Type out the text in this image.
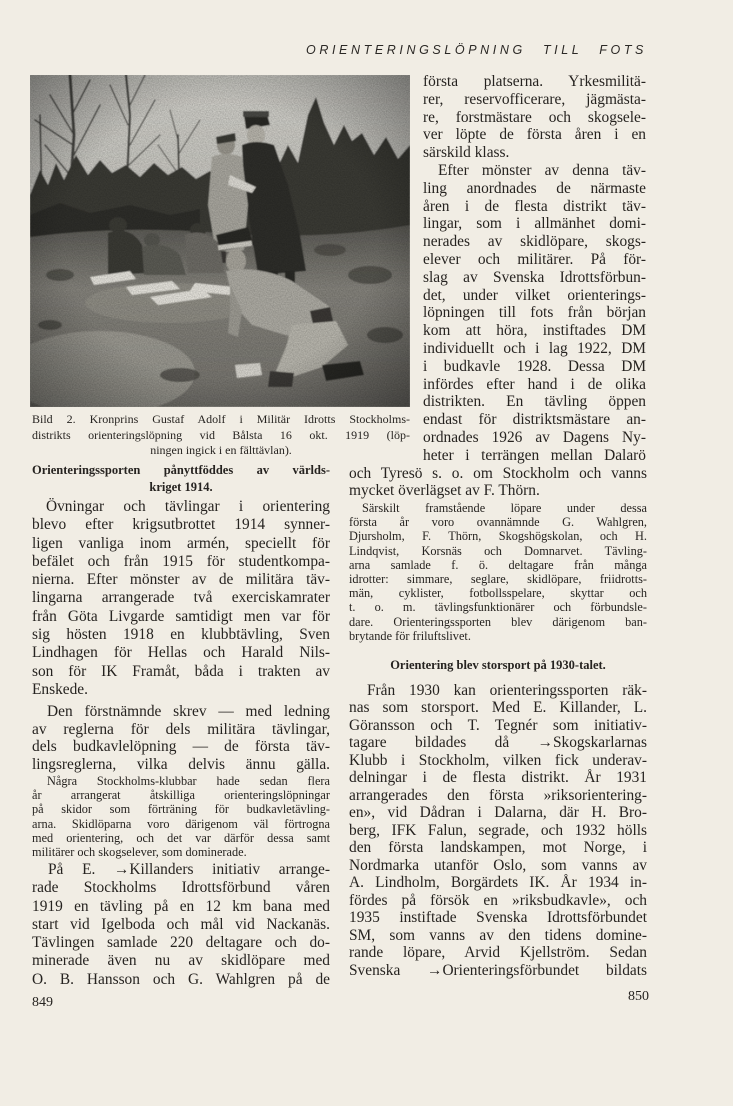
ORIENTERINGSLÖPNING TILL FOTS
Bild 2. Kronprins Gustaf Adolf i Militär Idrotts Stockholms-
distrikts orienteringslöpning vid Bålsta 16 okt. 1919 (löp-
ningen ingick i en fälttävlan).
Orienteringssporten pånyttföddes av världs-
kriget 1914.
Övningar och tävlingar i orientering
blevo efter krigsutbrottet 1914 synner-
ligen vanliga inom armén, speciellt för
befälet och från 1915 för studentkompa-
nierna. Efter mönster av de militära täv-
lingarna arrangerade två exerciskamrater
från Göta Livgarde samtidigt men var för
sig hösten 1918 en klubbtävling, Sven
Lindhagen för Hellas och Harald Nils-
son för IK Framåt, båda i trakten av
Enskede.
Den förstnämnde skrev — med ledning
av reglerna för dels militära tävlingar,
dels budkavlelöpning — de första täv-
lingsreglerna, vilka delvis ännu gälla.
Några Stockholms-klubbar hade sedan flera
år arrangerat åtskilliga orienteringslöpningar
på skidor som förträning för budkavletävling-
arna. Skidlöparna voro därigenom väl förtrogna
med orientering, och det var därför dessa samt
militärer och skogselever, som dominerade.
På E. →Killanders initiativ arrange-
rade Stockholms Idrottsförbund våren
1919 en tävling på en 12 km bana med
start vid Igelboda och mål vid Nackanäs.
Tävlingen samlade 220 deltagare och do-
minerade även nu av skidlöpare med
O. B. Hansson och G. Wahlgren på de
849
första platserna. Yrkesmilitä-
rer, reservofficerare, jägmästa-
re, forstmästare och skogsele-
ver löpte de första åren i en
särskild klass.
Efter mönster av denna täv-
ling anordnades de närmaste
åren i de flesta distrikt täv-
lingar, som i allmänhet domi-
nerades av skidlöpare, skogs-
elever och militärer. På för-
slag av Svenska Idrottsförbun-
det, under vilket orienterings-
löpningen till fots från början
kom att höra, instiftades DM
individuellt och i lag 1922, DM
i budkavle 1928. Dessa DM
infördes efter hand i de olika
distrikten. En tävling öppen
endast för distriktsmästare an-
ordnades 1926 av Dagens Ny-
heter i terrängen mellan Dalarö
och Tyresö s. o. om Stockholm och vanns
mycket överlägset av F. Thörn.
Särskilt framstående löpare under dessa
första år voro ovannämnde G. Wahlgren,
Djursholm, F. Thörn, Skogshögskolan, och H.
Lindqvist, Korsnäs och Domnarvet. Tävling-
arna samlade f. ö. deltagare från många
idrotter: simmare, seglare, skidlöpare, friidrotts-
män, cyklister, fotbollsspelare, skyttar och
t. o. m. tävlingsfunktionärer och förbundsle-
dare. Orienteringssporten blev därigenom ban-
brytande för friluftslivet.
Orientering blev storsport på 1930-talet.
Från 1930 kan orienteringssporten räk-
nas som storsport. Med E. Killander, L.
Göransson och T. Tegnér som initiativ-
tagare bildades då →Skogskarlarnas
Klubb i Stockholm, vilken fick underav-
delningar i de flesta distrikt. År 1931
arrangerades den första »riksorientering-
en», vid Dådran i Dalarna, där H. Bro-
berg, IFK Falun, segrade, och 1932 hölls
den första landskampen, mot Norge, i
Nordmarka utanför Oslo, som vanns av
A. Lindholm, Borgärdets IK. År 1934 in-
fördes på försök en »riksbudkavle», och
1935 instiftade Svenska Idrottsförbundet
SM, som vanns av den tidens domine-
rande löpare, Arvid Kjellström. Sedan
Svenska →Orienteringsförbundet bildats
850
